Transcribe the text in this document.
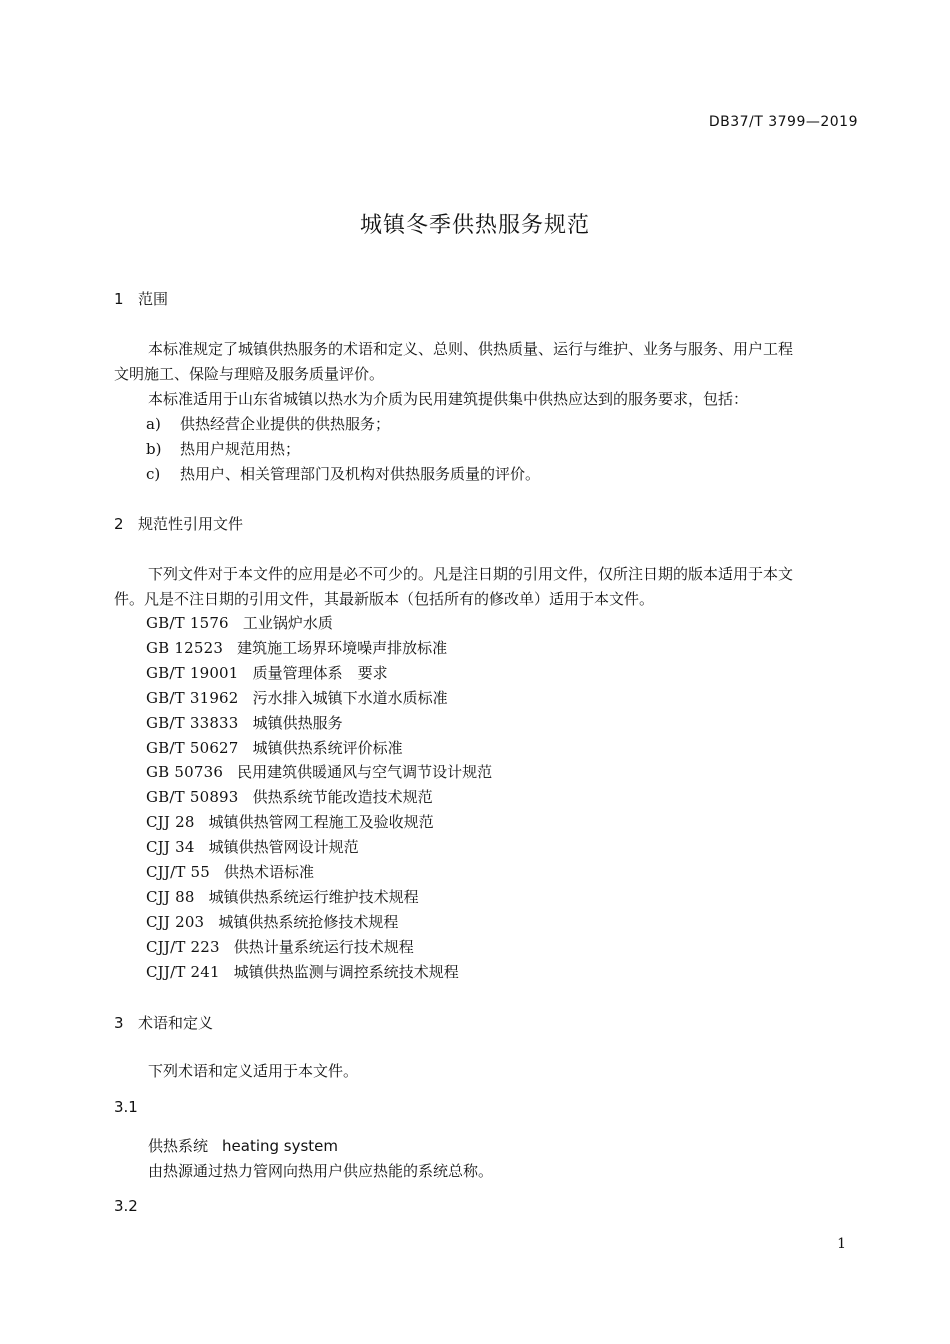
DB37/T 3799—2019
城镇冬季供热服务规范
1 范围
本标准规定了城镇供热服务的术语和定义、总则、供热质量、运行与维护、业务与服务、用户工程
文明施工、保险与理赔及服务质量评价。
本标准适用于山东省城镇以热水为介质为民用建筑提供集中供热应达到的服务要求，包括：
a) 供热经营企业提供的供热服务；
b) 热用户规范用热；
c) 热用户、相关管理部门及机构对供热服务质量的评价。
2 规范性引用文件
下列文件对于本文件的应用是必不可少的。凡是注日期的引用文件，仅所注日期的版本适用于本文
件。凡是不注日期的引用文件，其最新版本（包括所有的修改单）适用于本文件。
GB/T 1576 工业锅炉水质
GB 12523 建筑施工场界环境噪声排放标准
GB/T 19001 质量管理体系　要求
GB/T 31962 污水排入城镇下水道水质标准
GB/T 33833 城镇供热服务
GB/T 50627 城镇供热系统评价标准
GB 50736 民用建筑供暖通风与空气调节设计规范
GB/T 50893 供热系统节能改造技术规范
CJJ 28 城镇供热管网工程施工及验收规范
CJJ 34 城镇供热管网设计规范
CJJ/T 55 供热术语标准
CJJ 88 城镇供热系统运行维护技术规程
CJJ 203 城镇供热系统抢修技术规程
CJJ/T 223 供热计量系统运行技术规程
CJJ/T 241 城镇供热监测与调控系统技术规程
3 术语和定义
下列术语和定义适用于本文件。
3.1
供热系统 heating system
由热源通过热力管网向热用户供应热能的系统总称。
3.2
1
